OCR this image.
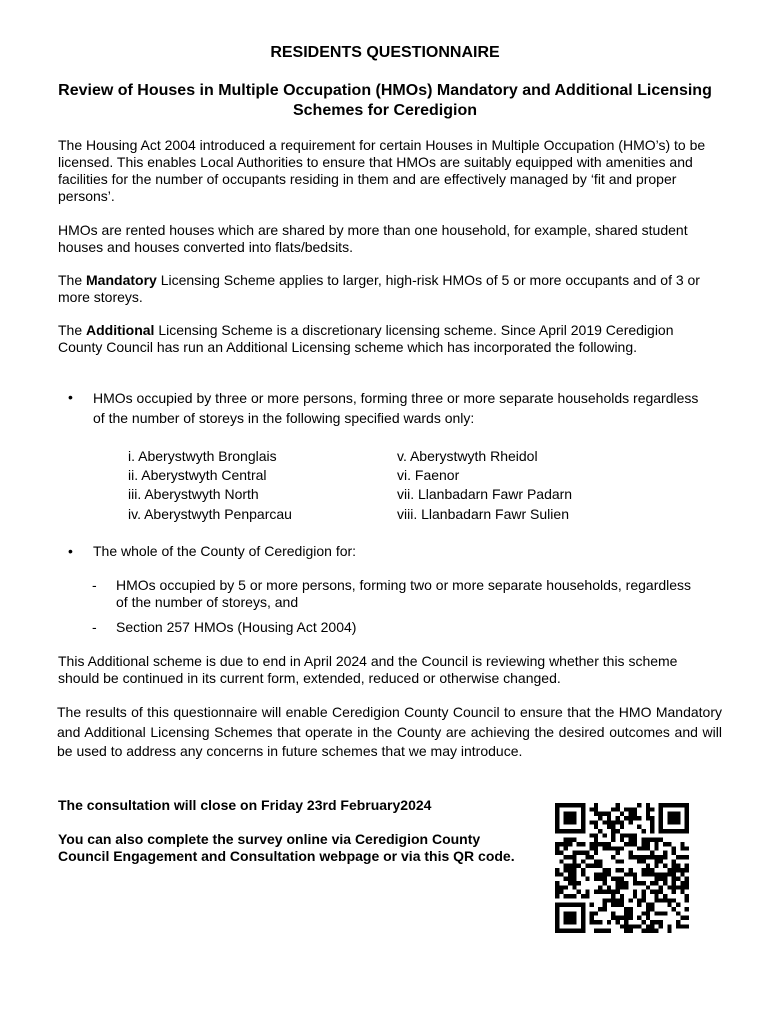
RESIDENTS QUESTIONNAIRE
Review of Houses in Multiple Occupation (HMOs) Mandatory and Additional Licensing Schemes for Ceredigion
The Housing Act 2004 introduced a requirement for certain Houses in Multiple Occupation (HMO’s) to be licensed. This enables Local Authorities to ensure that HMOs are suitably equipped with amenities and facilities for the number of occupants residing in them and are effectively managed by ‘fit and proper persons’.
HMOs are rented houses which are shared by more than one household, for example, shared student houses and houses converted into flats/bedsits.
The Mandatory Licensing Scheme applies to larger, high-risk HMOs of 5 or more occupants and of 3 or more storeys.
The Additional Licensing Scheme is a discretionary licensing scheme. Since April 2019 Ceredigion County Council has run an Additional Licensing scheme which has incorporated the following.
• HMOs occupied by three or more persons, forming three or more separate households regardless of the number of storeys in the following specified wards only:
i. Aberystwyth Bronglais
ii. Aberystwyth Central
iii. Aberystwyth North
iv. Aberystwyth Penparcau
v. Aberystwyth Rheidol
vi. Faenor
vii. Llanbadarn Fawr Padarn
viii. Llanbadarn Fawr Sulien
• The whole of the County of Ceredigion for:
- HMOs occupied by 5 or more persons, forming two or more separate households, regardless of the number of storeys, and
- Section 257 HMOs (Housing Act 2004)
This Additional scheme is due to end in April 2024 and the Council is reviewing whether this scheme should be continued in its current form, extended, reduced or otherwise changed.
The results of this questionnaire will enable Ceredigion County Council to ensure that the HMO Mandatory and Additional Licensing Schemes that operate in the County are achieving the desired outcomes and will be used to address any concerns in future schemes that we may introduce.
The consultation will close on Friday 23rd February2024
You can also complete the survey online via Ceredigion County Council Engagement and Consultation webpage or via this QR code.
